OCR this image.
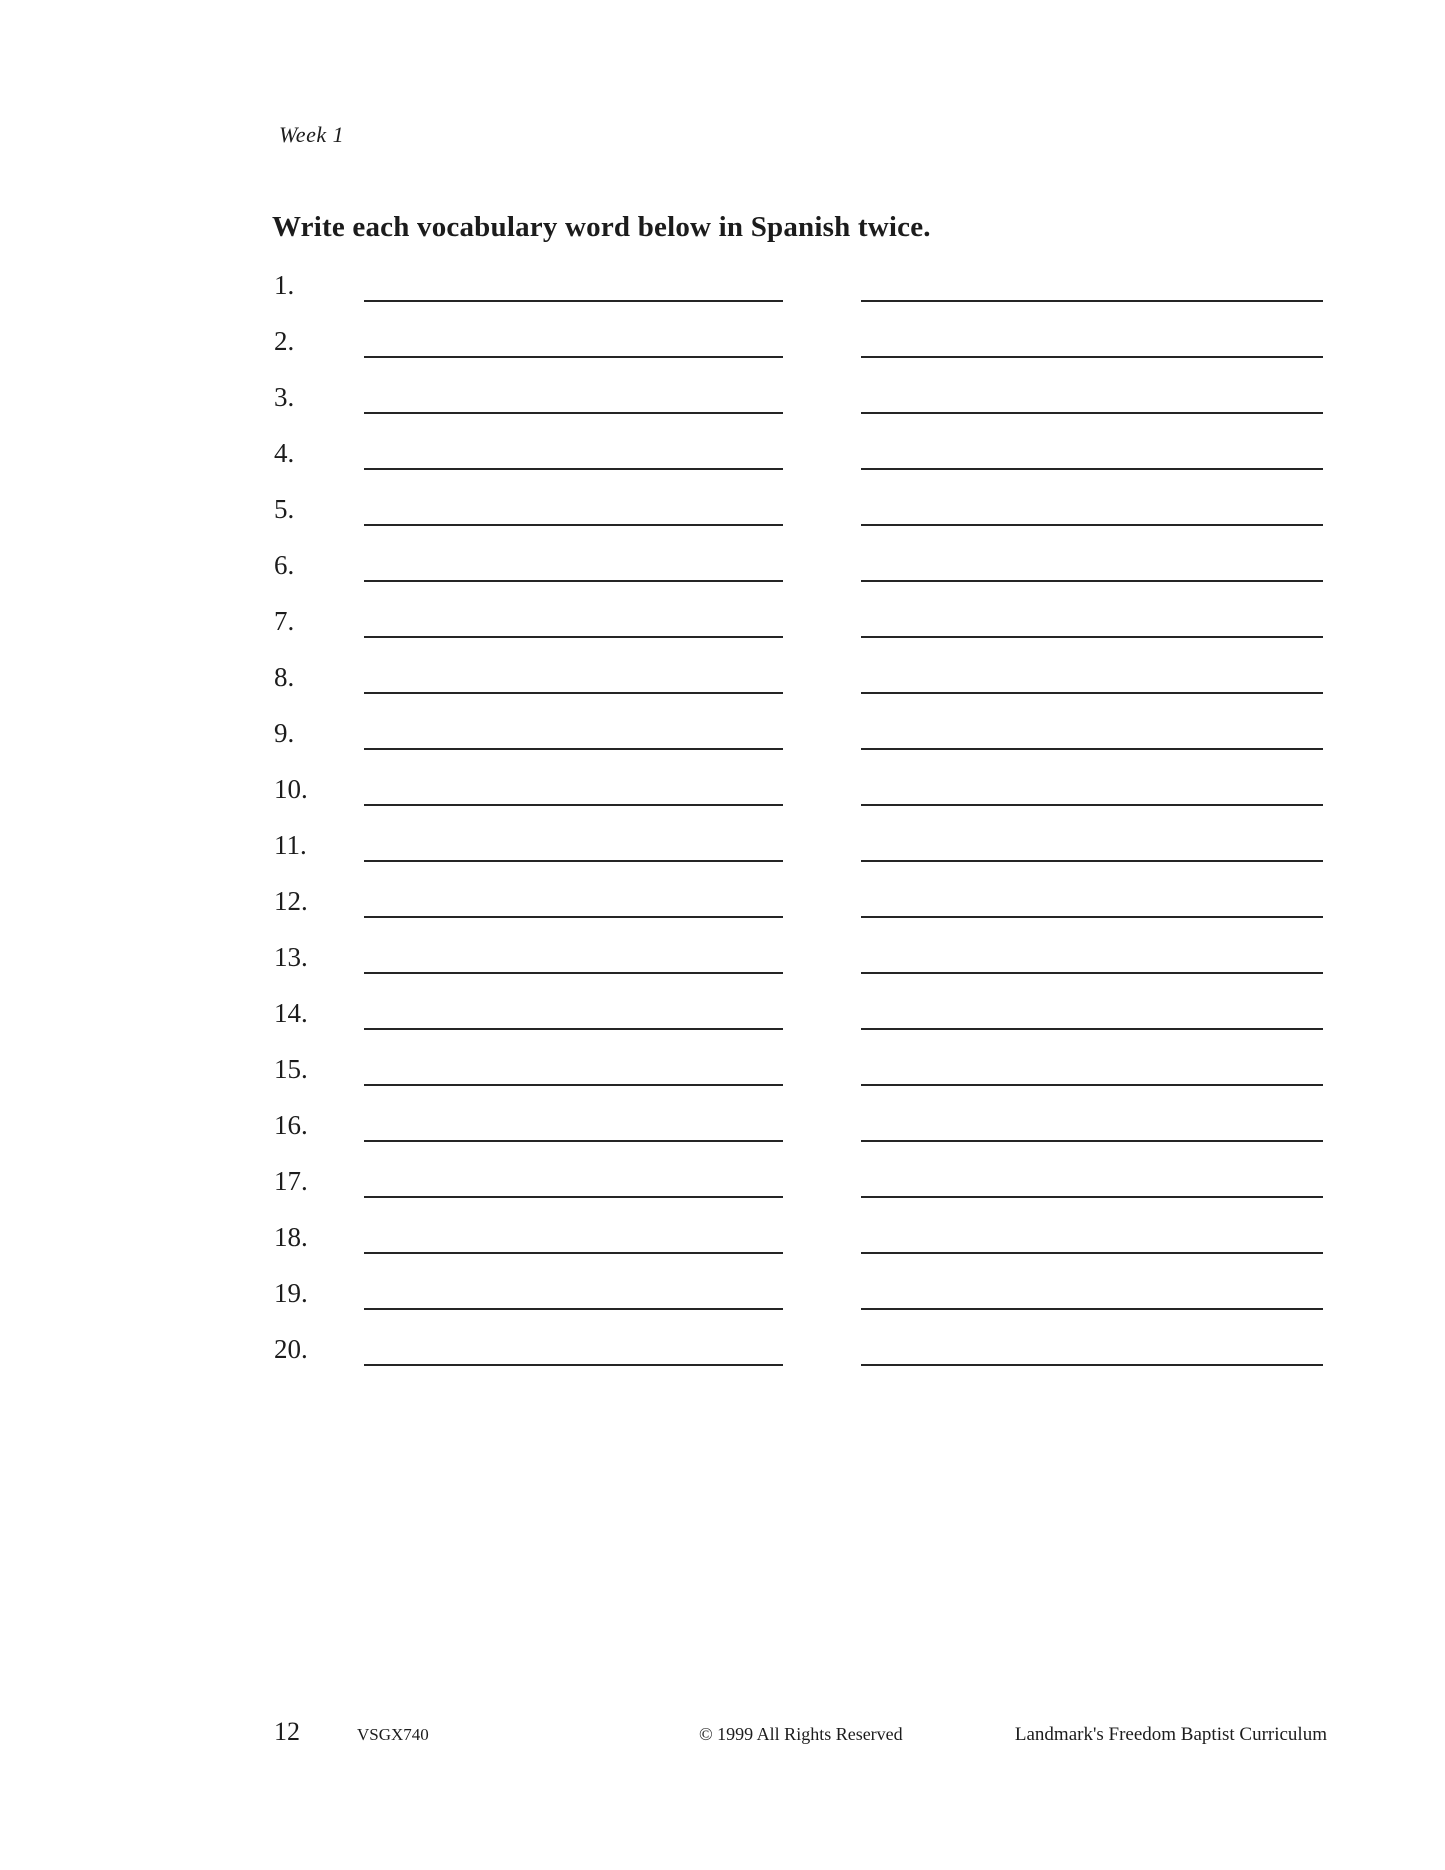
Week 1
Write each vocabulary word below in Spanish twice.
1.
2.
3.
4.
5.
6.
7.
8.
9.
10.
11.
12.
13.
14.
15.
16.
17.
18.
19.
20.
12	VSGX740	© 1999 All Rights Reserved	Landmark's Freedom Baptist Curriculum
